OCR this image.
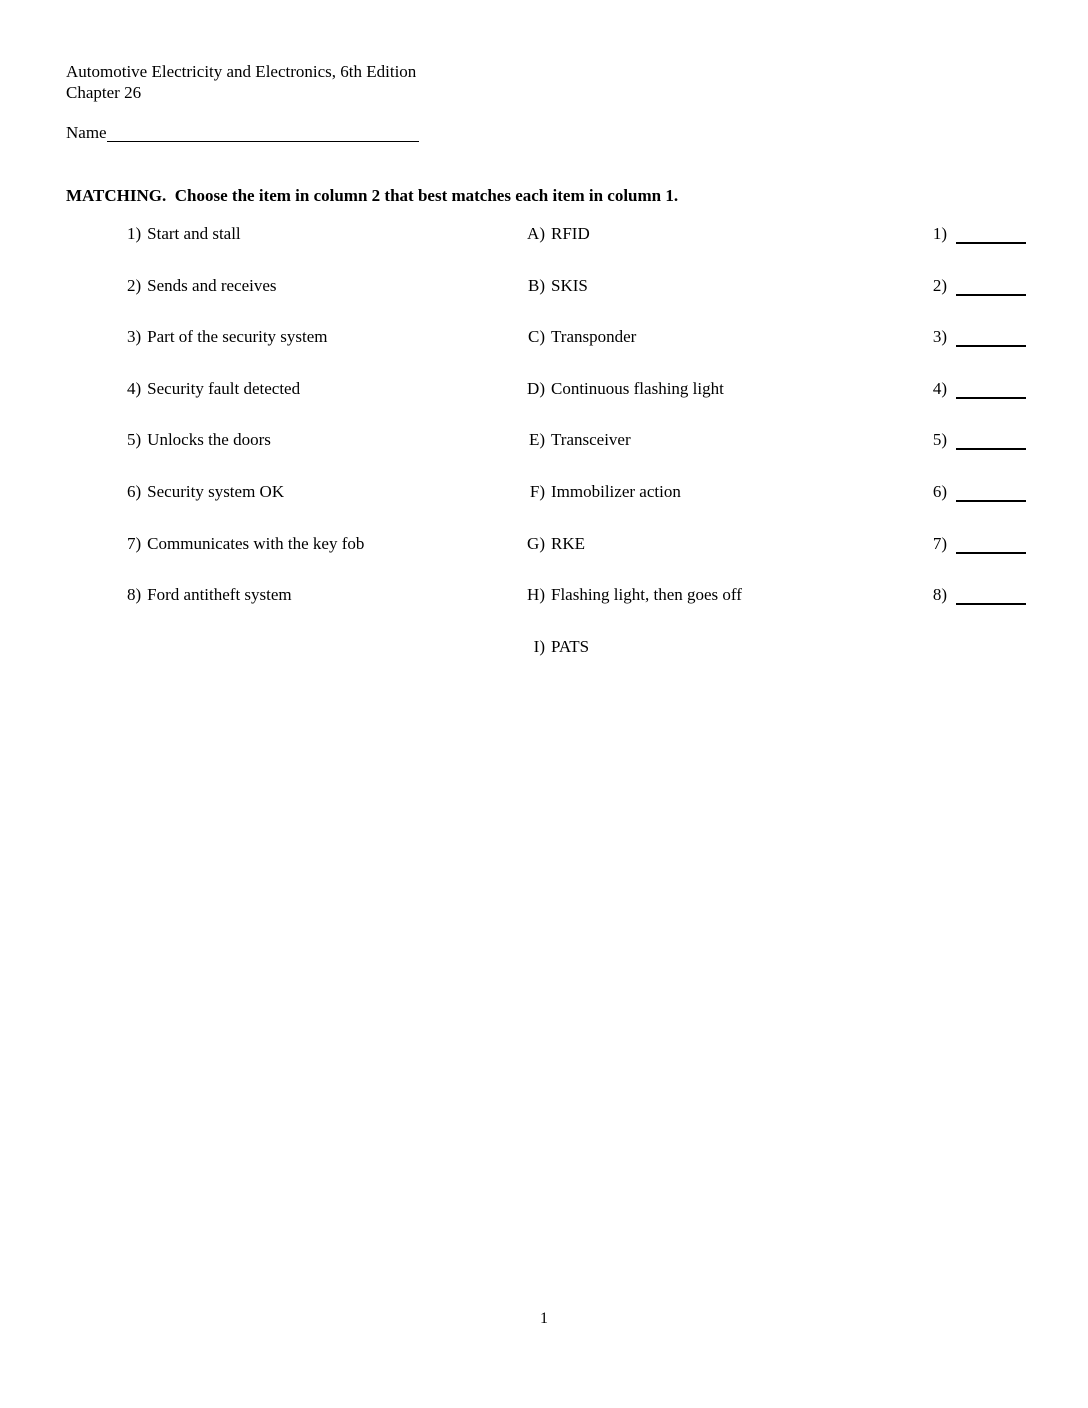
Automotive Electricity and Electronics, 6th Edition
Chapter 26
Name
MATCHING.  Choose the item in column 2 that best matches each item in column 1.
1) Start and stall	A) RFID	1)
2) Sends and receives	B) SKIS	2)
3) Part of the security system	C) Transponder	3)
4) Security fault detected	D) Continuous flashing light	4)
5) Unlocks the doors	E) Transceiver	5)
6) Security system OK	F) Immobilizer action	6)
7) Communicates with the key fob	G) RKE	7)
8) Ford antitheft system	H) Flashing light, then goes off	8)
I) PATS
1
